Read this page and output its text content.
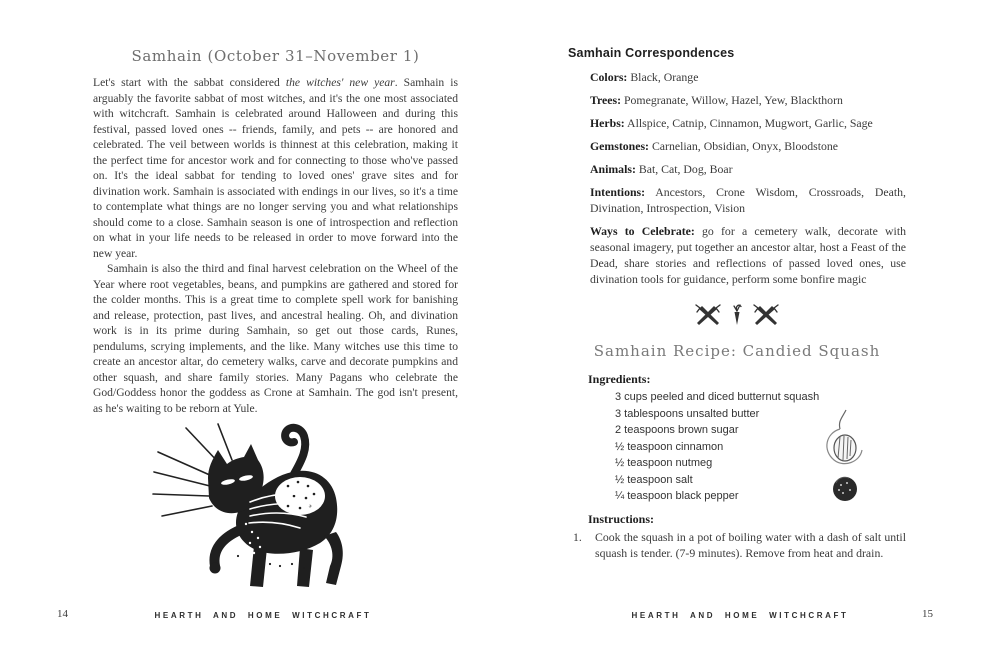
Samhain (October 31–November 1)

Let's start with the sabbat considered the witches' new year. Samhain is arguably the favorite sabbat of most witches, and it's the one most associated with witchcraft. Samhain is celebrated around Halloween and during this festival, passed loved ones -- friends, family, and pets -- are honored and celebrated. The veil between worlds is thinnest at this celebration, making it the perfect time for ancestor work and for connecting to those who've passed on. It's the ideal sabbat for tending to loved ones' grave sites and for divination work. Samhain is associated with endings in our lives, so it's a time to contemplate what things are no longer serving you and what relationships should come to a close. Samhain season is one of introspection and reflection on what in your life needs to be released in order to move forward into the new year.

Samhain is also the third and final harvest celebration on the Wheel of the Year where root vegetables, beans, and pumpkins are gathered and stored for the colder months. This is a great time to complete spell work for banishing and release, protection, past lives, and ancestral healing. Oh, and divination work is in its prime during Samhain, so get out those cards, Runes, pendulums, scrying implements, and the like. Many witches use this time to create an ancestor altar, do cemetery walks, carve and decorate pumpkins and other squash, and share family stories. Many Pagans who celebrate the God/Goddess honor the goddess as Crone at Samhain. The god isn't present, as he's waiting to be reborn at Yule.

14	HEARTH AND HOME WITCHCRAFT
Samhain Correspondences

Colors: Black, Orange

Trees: Pomegranate, Willow, Hazel, Yew, Blackthorn

Herbs: Allspice, Catnip, Cinnamon, Mugwort, Garlic, Sage

Gemstones: Carnelian, Obsidian, Onyx, Bloodstone

Animals: Bat, Cat, Dog, Boar

Intentions: Ancestors, Crone Wisdom, Crossroads, Death, Divination, Introspection, Vision

Ways to Celebrate: go for a cemetery walk, decorate with seasonal imagery, put together an ancestor altar, host a Feast of the Dead, share stories and reflections of passed loved ones, use divination tools for guidance, perform some bonfire magic

Samhain Recipe: Candied Squash
Ingredients:
3 cups peeled and diced butternut squash
3 tablespoons unsalted butter
2 teaspoons brown sugar
½ teaspoon cinnamon
½ teaspoon nutmeg
½ teaspoon salt
¼ teaspoon black pepper
Instructions:
1.	Cook the squash in a pot of boiling water with a dash of salt until squash is tender. (7-9 minutes). Remove from heat and drain.
HEARTH AND HOME WITCHCRAFT	15
